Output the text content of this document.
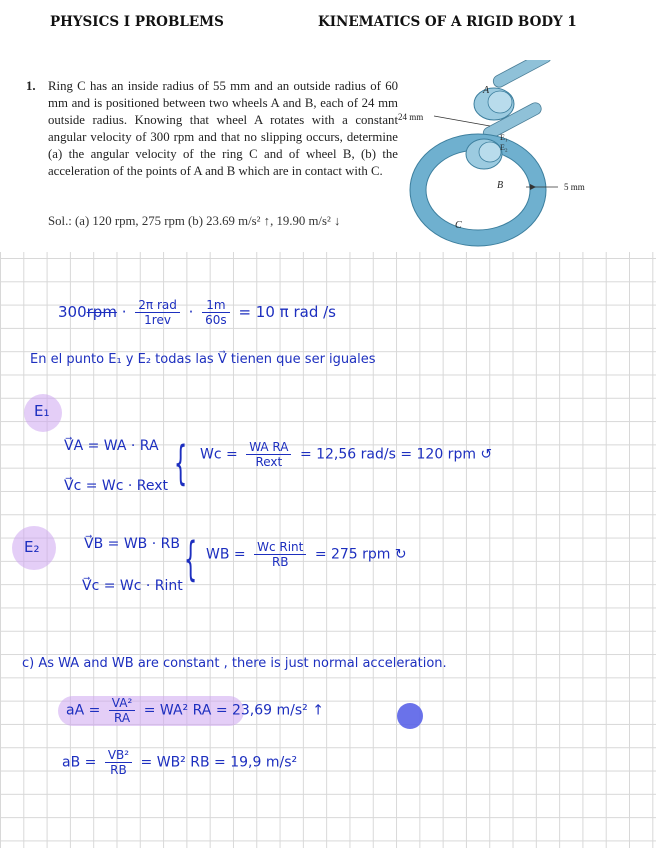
PHYSICS I PROBLEMS	KINEMATICS OF A RIGID BODY 1
1. Ring C has an inside radius of 55 mm and an outside radius of 60 mm and is positioned between two wheels A and B, each of 24 mm outside radius. Knowing that wheel A rotates with a constant angular velocity of 300 rpm and that no slipping occurs, determine (a) the angular velocity of the ring C and of wheel B, (b) the acceleration of the points of A and B which are in contact with C.
Sol.: (a) 120 rpm, 275 rpm (b) 23.69 m/s² ↑, 19.90 m/s² ↓
A
B
C
E₁
E₂
24 mm
5 mm
$300rpm \cdot \frac{\text{2π rad}}{\text{1rev}} \cdot \frac{1m}{60s} = 10$ π rad /s
En el punto E₁ y E₂ todas las V⃗ tienen que ser iguales
E₁
V⃗A = WA · RA
V⃗c = Wc · Rext { $Wc = \frac{\text{WA RA}}{\text{Rext}} = 12,56$ rad/s = 120 rpm ↺
E₂	V⃗B = WB · RB
V⃗c = Wc · Rint { WB = $\frac{\text{Wc Rint}}{RB} = 275$ rpm ↻
c) As WA and WB are constant , there is just normal acceleration.
aA = $\frac{\text{VA²}}{RA} = WA^2$ RA = 23,69 m/s² ↑
aB = $\frac{\text{VB²}}{RB} = WB^2$ RB = 19,9 m/s²
